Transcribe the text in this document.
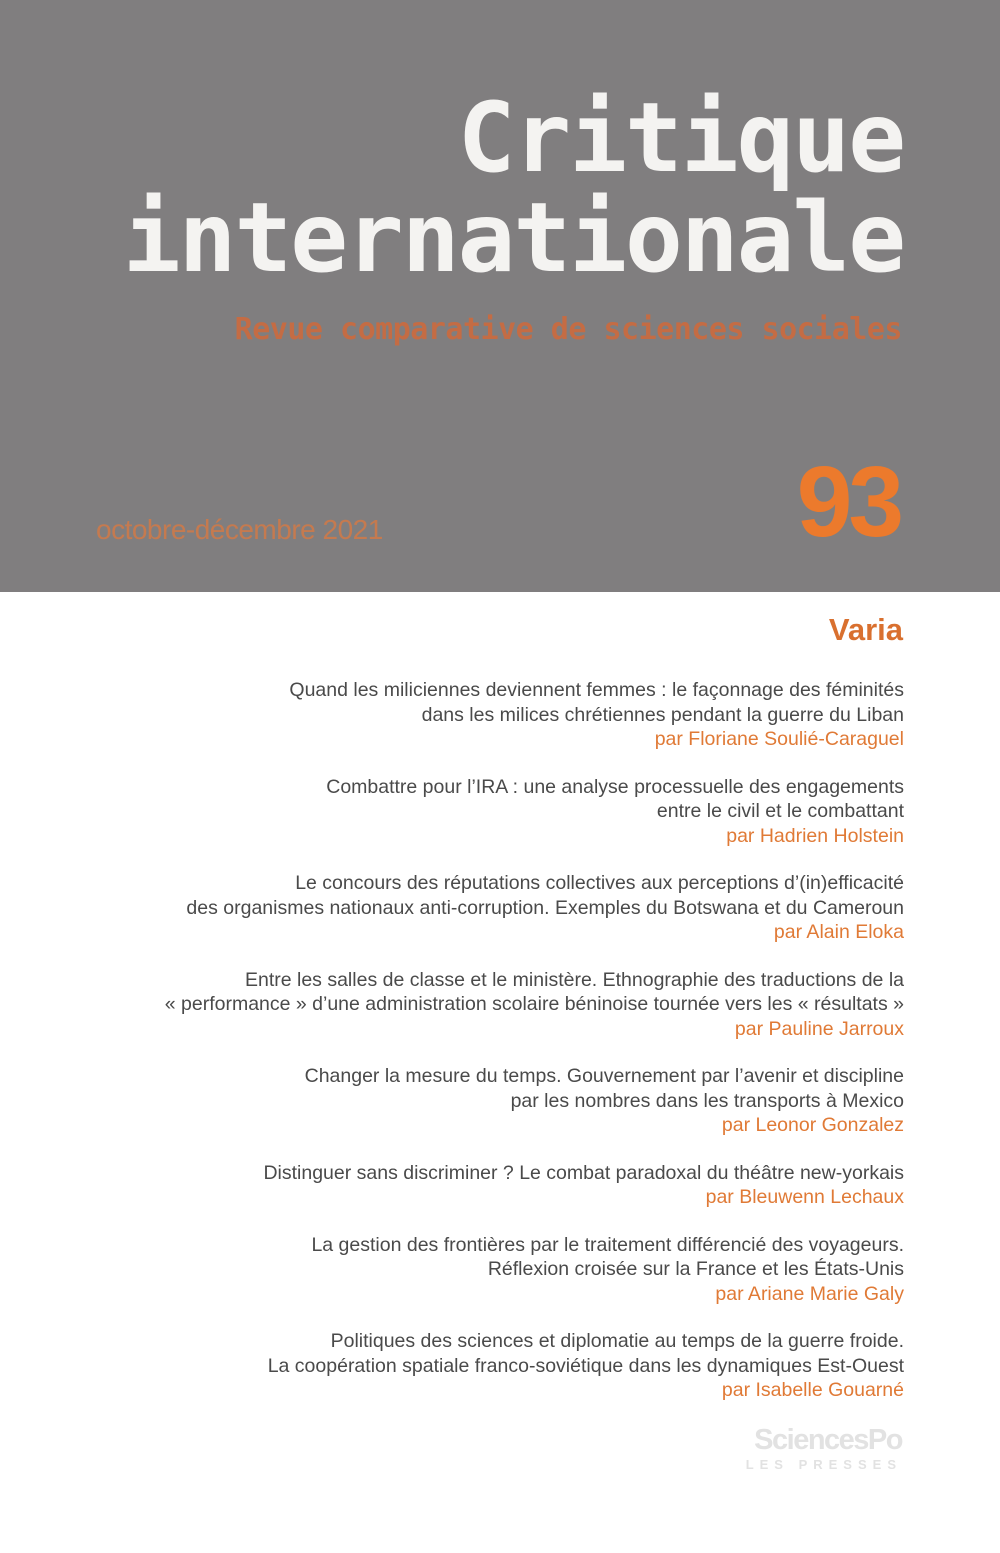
Critique
internationale
Revue comparative de sciences sociales
octobre-décembre 2021	93
Varia
Quand les miliciennes deviennent femmes : le façonnage des féminités
dans les milices chrétiennes pendant la guerre du Liban
par Floriane Soulié-Caraguel
Combattre pour l’IRA : une analyse processuelle des engagements
entre le civil et le combattant
par Hadrien Holstein
Le concours des réputations collectives aux perceptions d’(in)efficacité
des organismes nationaux anti-corruption. Exemples du Botswana et du Cameroun
par Alain Eloka
Entre les salles de classe et le ministère. Ethnographie des traductions de la
« performance » d’une administration scolaire béninoise tournée vers les « résultats »
par Pauline Jarroux
Changer la mesure du temps. Gouvernement par l’avenir et discipline
par les nombres dans les transports à Mexico
par Leonor Gonzalez
Distinguer sans discriminer ? Le combat paradoxal du théâtre new-yorkais
par Bleuwenn Lechaux
La gestion des frontières par le traitement différencié des voyageurs.
Réflexion croisée sur la France et les États-Unis
par Ariane Marie Galy
Politiques des sciences et diplomatie au temps de la guerre froide.
La coopération spatiale franco-soviétique dans les dynamiques Est-Ouest
par Isabelle Gouarné
SciencesPo
LES PRESSES
